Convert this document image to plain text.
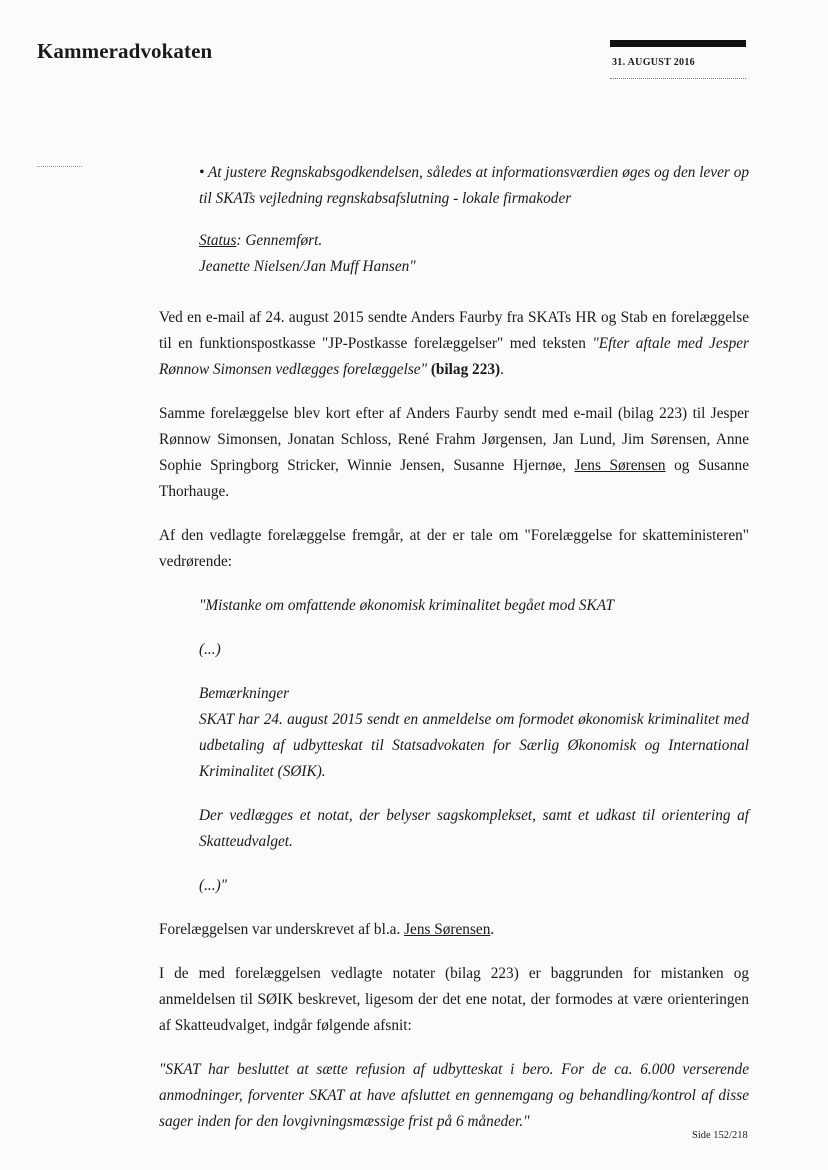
Kammeradvokaten	31. AUGUST 2016

• At justere Regnskabsgodkendelsen, således at informationsværdien øges og den lever op til SKATs vejledning regnskabsafslutning - lokale firmakoder

Status: Gennemført.

Jeanette Nielsen/Jan Muff Hansen"

Ved en e-mail af 24. august 2015 sendte Anders Faurby fra SKATs HR og Stab en forelæggelse til en funktionspostkasse "JP-Postkasse forelæggelser" med teksten "Efter aftale med Jesper Rønnow Simonsen vedlægges forelæggelse" (bilag 223).

Samme forelæggelse blev kort efter af Anders Faurby sendt med e-mail (bilag 223) til Jesper Rønnow Simonsen, Jonatan Schloss, René Frahm Jørgensen, Jan Lund, Jim Sørensen, Anne Sophie Springborg Stricker, Winnie Jensen, Susanne Hjernøe, Jens Sørensen og Susanne Thorhauge.

Af den vedlagte forelæggelse fremgår, at der er tale om "Forelæggelse for skatteministeren" vedrørende:

"Mistanke om omfattende økonomisk kriminalitet begået mod SKAT

(...)

Bemærkninger

SKAT har 24. august 2015 sendt en anmeldelse om formodet økonomisk kriminalitet med udbetaling af udbytteskat til Statsadvokaten for Særlig Økonomisk og International Kriminalitet (SØIK).

Der vedlægges et notat, der belyser sagskomplekset, samt et udkast til orientering af Skatteudvalget.

(...)"

Forelæggelsen var underskrevet af bl.a. Jens Sørensen.

I de med forelæggelsen vedlagte notater (bilag 223) er baggrunden for mistanken og anmeldelsen til SØIK beskrevet, ligesom der det ene notat, der formodes at være orienteringen af Skatteudvalget, indgår følgende afsnit:

"SKAT har besluttet at sætte refusion af udbytteskat i bero. For de ca. 6.000 verserende anmodninger, forventer SKAT at have afsluttet en gennemgang og behandling/kontrol af disse sager inden for den lovgivningsmæssige frist på 6 måneder."

Side 152/218
